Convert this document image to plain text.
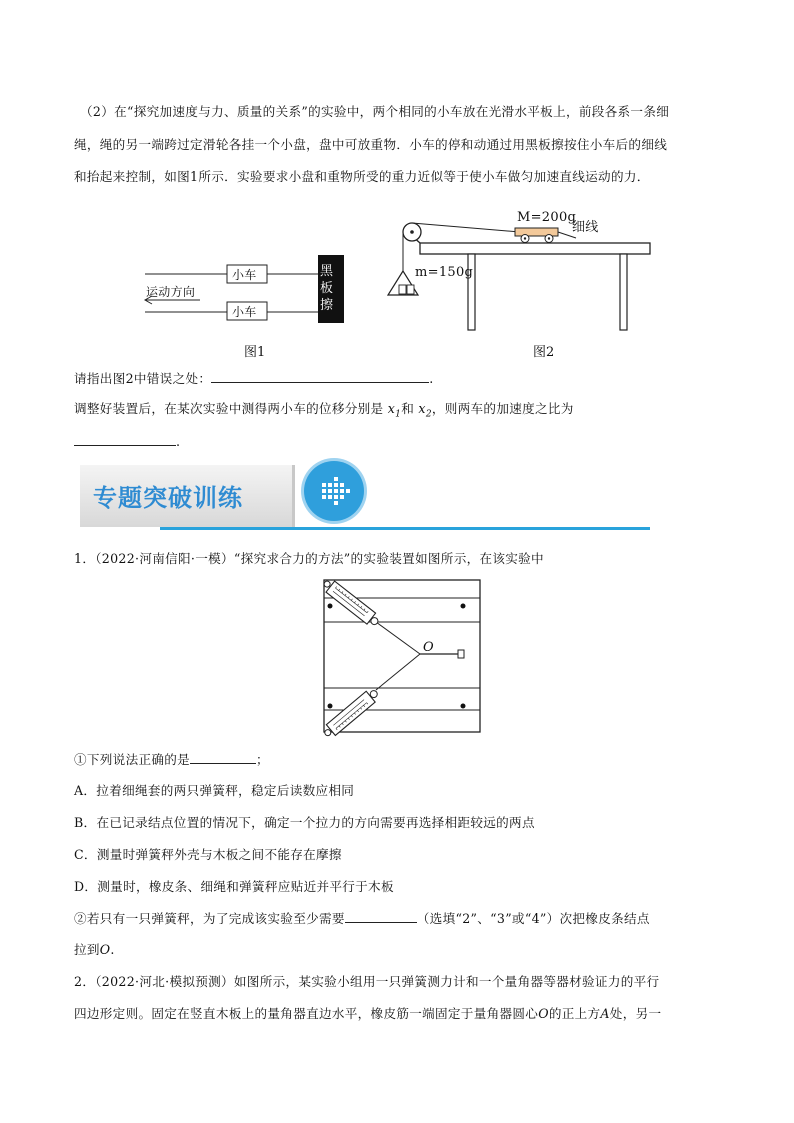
（2）在“探究加速度与力、质量的关系”的实验中，两个相同的小车放在光滑水平板上，前段各系一条细
绳，绳的另一端跨过定滑轮各挂一个小盘，盘中可放重物．小车的停和动通过用黑板擦按住小车后的细线
和抬起来控制，如图1所示．实验要求小盘和重物所受的重力近似等于使小车做匀加速直线运动的力．
小车
小车
运动方向
黑
板
擦
图1
M=200g
细线
m=150g
图2
请指出图2中错误之处：	.
调整好装置后，在某次实验中测得两小车的位移分别是 $x_1$和 $x_2$，则两车的加速度之比为
.
专题突破训练
1．（2022·河南信阳·一模）“探究求合力的方法”的实验装置如图所示，在该实验中
O
①下列说法正确的是	；
A．拉着细绳套的两只弹簧秤，稳定后读数应相同
B．在已记录结点位置的情况下，确定一个拉力的方向需要再选择相距较远的两点
C．测量时弹簧秤外壳与木板之间不能存在摩擦
D．测量时，橡皮条、细绳和弹簧秤应贴近并平行于木板
②若只有一只弹簧秤，为了完成该实验至少需要	（选填“2”、“3”或“4”）次把橡皮条结点
拉到O.
2．（2022·河北·模拟预测）如图所示，某实验小组用一只弹簧测力计和一个量角器等器材验证力的平行
四边形定则。固定在竖直木板上的量角器直边水平，橡皮筋一端固定于量角器圆心O的正上方A处，另一
